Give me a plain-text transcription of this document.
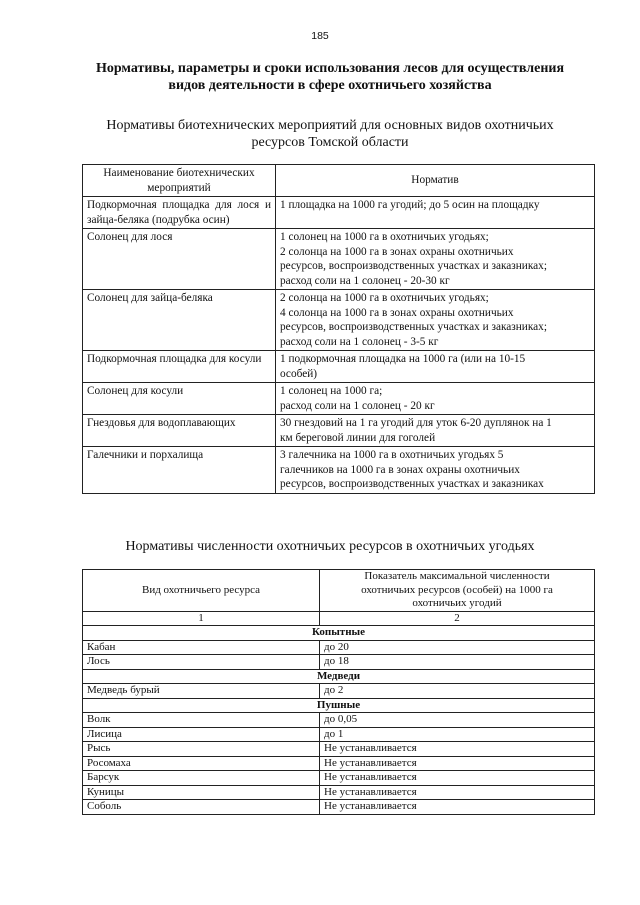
185
Нормативы, параметры и сроки использования лесов для осуществления
видов деятельности в сфере охотничьего хозяйства
Нормативы биотехнических мероприятий для основных видов охотничьих
ресурсов Томской области
Наименование биотехнических
мероприятий	Норматив
Подкормочная площадка для лося и зайца-беляка (подрубка осин)	1 площадка на 1000 га угодий; до 5 осин на площадку

Солонец для лося	1 солонец на 1000 га в охотничьих угодьях;
2 солонца на 1000 га в зонах охраны охотничьих
ресурсов, воспроизводственных участках и заказниках;
расход соли на 1 солонец - 20-30 кг

Солонец для зайца-беляка	2 солонца на 1000 га в охотничьих угодьях;
4 солонца на 1000 га в зонах охраны охотничьих
ресурсов, воспроизводственных участках и заказниках;
расход соли на 1 солонец - 3-5 кг

Подкормочная площадка для косули	1 подкормочная площадка на 1000 га (или на 10-15
особей)

Солонец для косули	1 солонец на 1000 га;
расход соли на 1 солонец - 20 кг

Гнездовья для водоплавающих	30 гнездовий на 1 га угодий для уток 6-20 дуплянок на 1
км береговой линии для гоголей

Галечники и порхалища	3 галечника на 1000 га в охотничьих угодьях 5
галечников на 1000 га в зонах охраны охотничьих
ресурсов, воспроизводственных участках и заказниках
Нормативы численности охотничьих ресурсов в охотничьих угодьях
Вид охотничьего ресурса	Показатель максимальной численности
охотничьих ресурсов (особей) на 1000 га
охотничьих угодий

1	2
Копытные	
Кабан	до 20
Лось	до 18
Медведи	
Медведь бурый	до 2
Пушные	
Волк	до 0,05
Лисица	до 1
Рысь	Не устанавливается
Росомаха	Не устанавливается
Барсук	Не устанавливается
Куницы	Не устанавливается
Соболь	Не устанавливается
